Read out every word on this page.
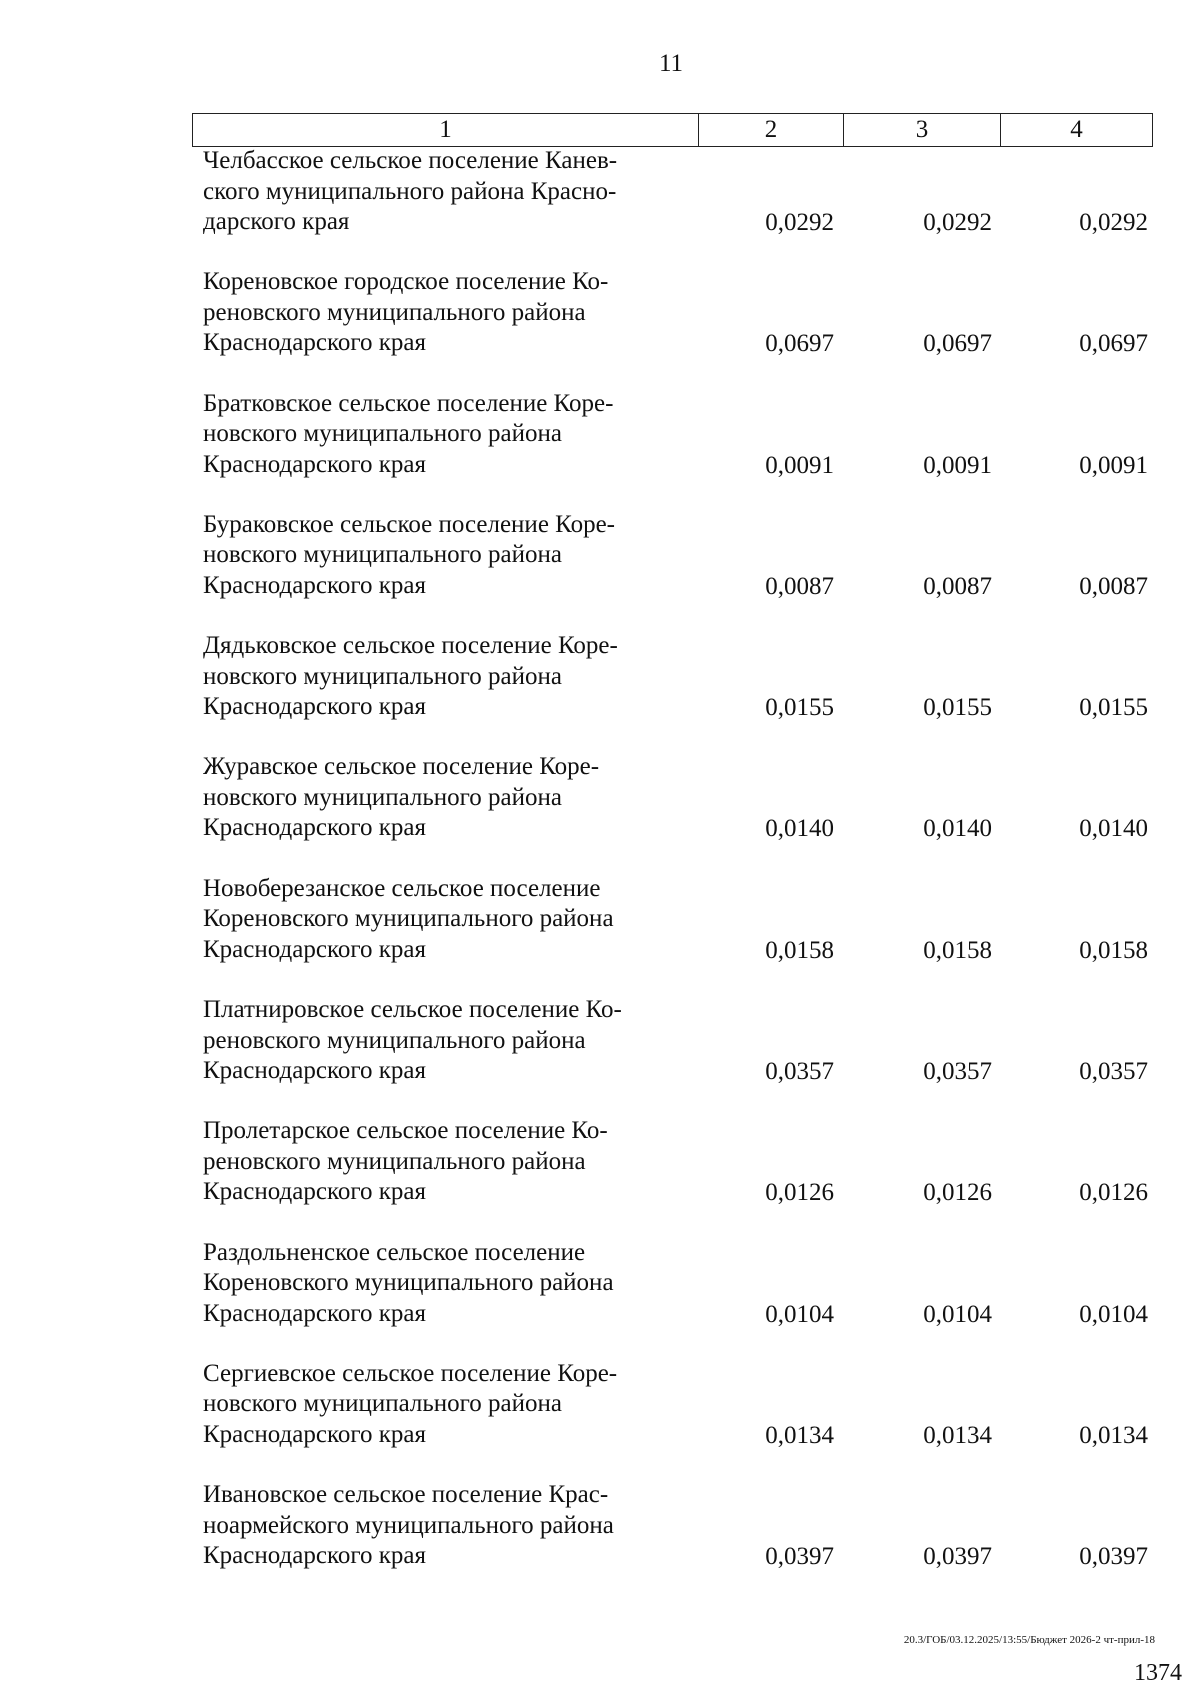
11
1	2	3	4
Челбасское сельское поселение Канев-
ского муниципального района Красно-
дарского края	0,0292	0,0292	0,0292
Кореновское городское поселение Ко-
реновского муниципального района
Краснодарского края	0,0697	0,0697	0,0697
Братковское сельское поселение Коре-
новского муниципального района
Краснодарского края	0,0091	0,0091	0,0091
Бураковское сельское поселение Коре-
новского муниципального района
Краснодарского края	0,0087	0,0087	0,0087
Дядьковское сельское поселение Коре-
новского муниципального района
Краснодарского края	0,0155	0,0155	0,0155
Журавское сельское поселение Коре-
новского муниципального района
Краснодарского края	0,0140	0,0140	0,0140
Новоберезанское сельское поселение
Кореновского муниципального района
Краснодарского края	0,0158	0,0158	0,0158
Платнировское сельское поселение Ко-
реновского муниципального района
Краснодарского края	0,0357	0,0357	0,0357
Пролетарское сельское поселение Ко-
реновского муниципального района
Краснодарского края	0,0126	0,0126	0,0126
Раздольненское сельское поселение
Кореновского муниципального района
Краснодарского края	0,0104	0,0104	0,0104
Сергиевское сельское поселение Коре-
новского муниципального района
Краснодарского края	0,0134	0,0134	0,0134
Ивановское сельское поселение Крас-
ноармейского муниципального района
Краснодарского края	0,0397	0,0397	0,0397
20.3/ГОБ/03.12.2025/13:55/Бюджет 2026-2 чт-прил-18
1374
